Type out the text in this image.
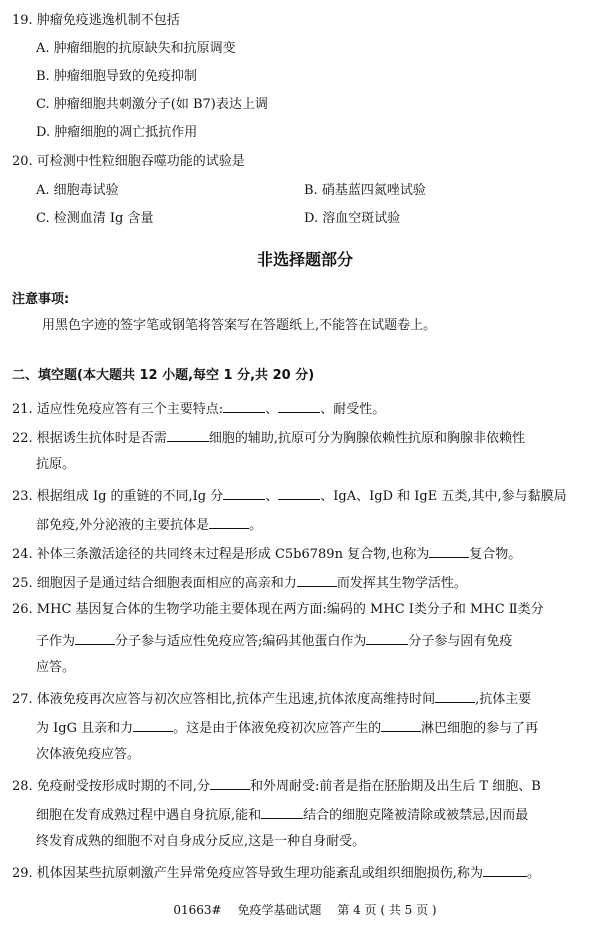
19. 肿瘤免疫逃逸机制不包括
A. 肿瘤细胞的抗原缺失和抗原调变
B. 肿瘤细胞导致的免疫抑制
C. 肿瘤细胞共刺激分子(如 B7)表达上调
D. 肿瘤细胞的凋亡抵抗作用
20. 可检测中性粒细胞吞噬功能的试验是
A. 细胞毒试验	B. 硝基蓝四氮唑试验
C. 检测血清 Ig 含量	D. 溶血空斑试验
非选择题部分
注意事项:
用黑色字迹的签字笔或钢笔将答案写在答题纸上,不能答在试题卷上。
二、填空题(本大题共 12 小题,每空 1 分,共 20 分)
21. 适应性免疫应答有三个主要特点:	、	、耐受性。
22. 根据诱生抗体时是否需	细胞的辅助,抗原可分为胸腺依赖性抗原和胸腺非依赖性
抗原。
23. 根据组成 Ig 的重链的不同,Ig 分	、	、IgA、IgD 和 IgE 五类,其中,参与黏膜局
部免疫,外分泌液的主要抗体是	。
24. 补体三条激活途径的共同终末过程是形成 C5b6789n 复合物,也称为	复合物。
25. 细胞因子是通过结合细胞表面相应的高亲和力	而发挥其生物学活性。
26. MHC 基因复合体的生物学功能主要体现在两方面:编码的 MHC Ⅰ类分子和 MHC Ⅱ类分
子作为	分子参与适应性免疫应答;编码其他蛋白作为	分子参与固有免疫
应答。
27. 体液免疫再次应答与初次应答相比,抗体产生迅速,抗体浓度高维持时间	,抗体主要
为 IgG 且亲和力	。这是由于体液免疫初次应答产生的	淋巴细胞的参与了再
次体液免疫应答。
28. 免疫耐受按形成时期的不同,分	和外周耐受:前者是指在胚胎期及出生后 T 细胞、B
细胞在发育成熟过程中遇自身抗原,能和	结合的细胞克隆被清除或被禁忌,因而最
终发育成熟的细胞不对自身成分反应,这是一种自身耐受。
29. 机体因某些抗原刺激产生异常免疫应答导致生理功能紊乱或组织细胞损伤,称为	。
01663# 免疫学基础试题 第 4 页 ( 共 5 页 )
